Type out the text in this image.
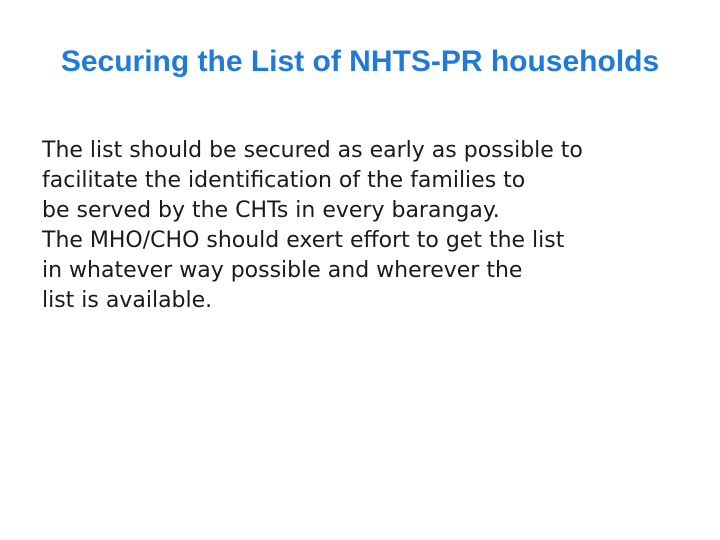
Securing the List of NHTS-PR households

The list should be secured as early as possible to
facilitate the identification of the families to
be served by the CHTs in every barangay.

The MHO/CHO should exert effort to get the list
in whatever way possible and wherever the
list is available.
